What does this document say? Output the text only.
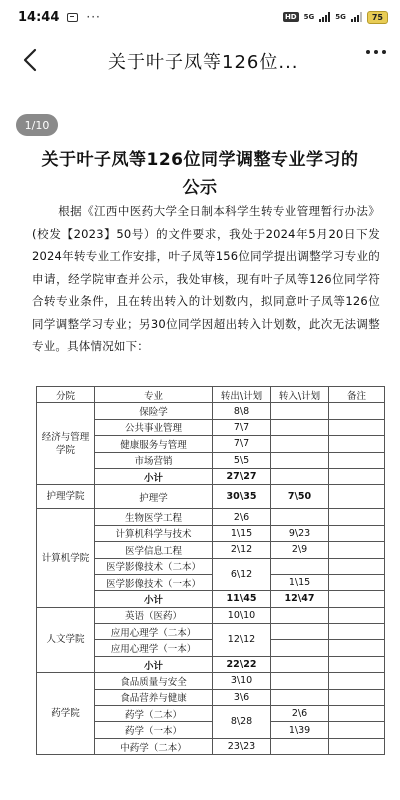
14:44 ···	HD 5G	5G	75
关于叶子凤等126位...
1/10
关于叶子凤等126位同学调整专业学习的
公示
根据《江西中医药大学全日制本科学生转专业管理暂行办法》(校发【2023】50号）的文件要求，我处于2024年5月20日下发2024年转专业工作安排，叶子凤等156位同学提出调整学习专业的申请，经学院审查并公示，我处审核，现有叶子凤等126位同学符合转专业条件，且在转出转入的计划数内，拟同意叶子凤等126位同学调整学习专业；另30位同学因超出转入计划数，此次无法调整专业。具体情况如下：
分院	专业	转出\计划	转入\计划	备注
经济与管理学院	保险学	8\8		
	公共事业管理	7\7		
	健康服务与管理	7\7		
	市场营销	5\5		
	小计	27\27		
护理学院	护理学	30\35	7\50	
计算机学院	生物医学工程	2\6		
	计算机科学与技术	1\15	9\23	
	医学信息工程	2\12	2\9	
	医学影像技术（二本）	6\12		
	医学影像技术（一本）		1\15	
	小计	11\45	12\47	
人文学院	英语（医药）	10\10		
	应用心理学（二本）	12\12		
	应用心理学（一本）			
	小计	22\22		
药学院	食品质量与安全	3\10		
	食品营养与健康	3\6		
	药学（二本）	8\28	2\6	
	药学（一本）		1\39	
	中药学（二本）	23\23		
